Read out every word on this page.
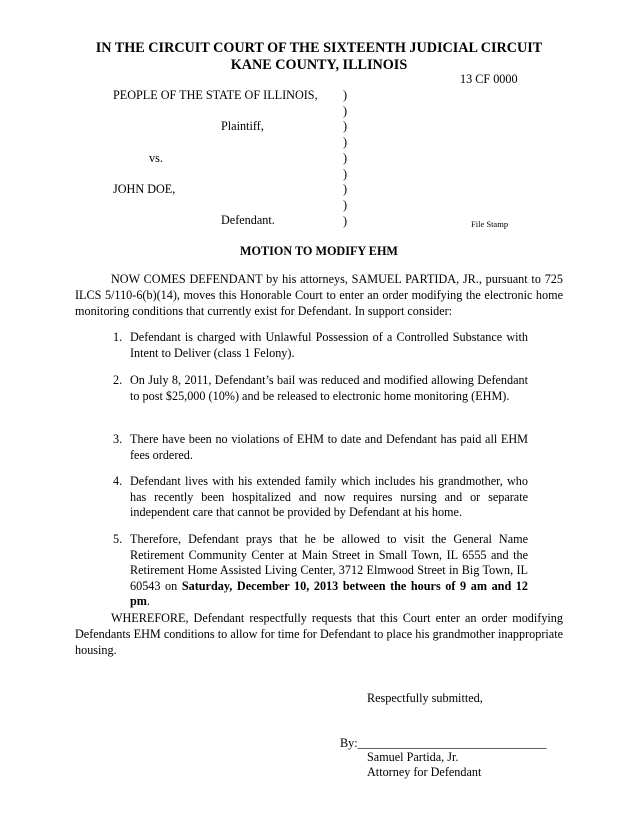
IN THE CIRCUIT COURT OF THE SIXTEENTH JUDICIAL CIRCUIT
KANE COUNTY, ILLINOIS
13 CF 0000
PEOPLE OF THE STATE OF ILLINOIS,
Plaintiff,
vs.
JOHN DOE,
Defendant.
)
)
)
)
)
)
)
)
)	File Stamp
MOTION TO MODIFY EHM
NOW COMES DEFENDANT by his attorneys, SAMUEL PARTIDA, JR., pursuant to 725 ILCS 5/110-6(b)(14), moves this Honorable Court to enter an order modifying the electronic home monitoring conditions that currently exist for Defendant. In support consider:
1. Defendant is charged with Unlawful Possession of a Controlled Substance with Intent to Deliver (class 1 Felony).
2. On July 8, 2011, Defendant’s bail was reduced and modified allowing Defendant to post $25,000 (10%) and be released to electronic home monitoring (EHM).
3. There have been no violations of EHM to date and Defendant has paid all EHM fees ordered.
4. Defendant lives with his extended family which includes his grandmother, who has recently been hospitalized and now requires nursing and or separate independent care that cannot be provided by Defendant at his home.
5. Therefore, Defendant prays that he be allowed to visit the General Name Retirement Community Center at Main Street in Small Town, IL 6555 and the Retirement Home Assisted Living Center, 3712 Elmwood Street in Big Town, IL 60543 on Saturday, December 10, 2013 between the hours of 9 am and 12 pm.
WHEREFORE, Defendant respectfully requests that this Court enter an order modifying Defendants EHM conditions to allow for time for Defendant to place his grandmother inappropriate housing.
Respectfully submitted,
By:_______________________________
Samuel Partida, Jr.
Attorney for Defendant
